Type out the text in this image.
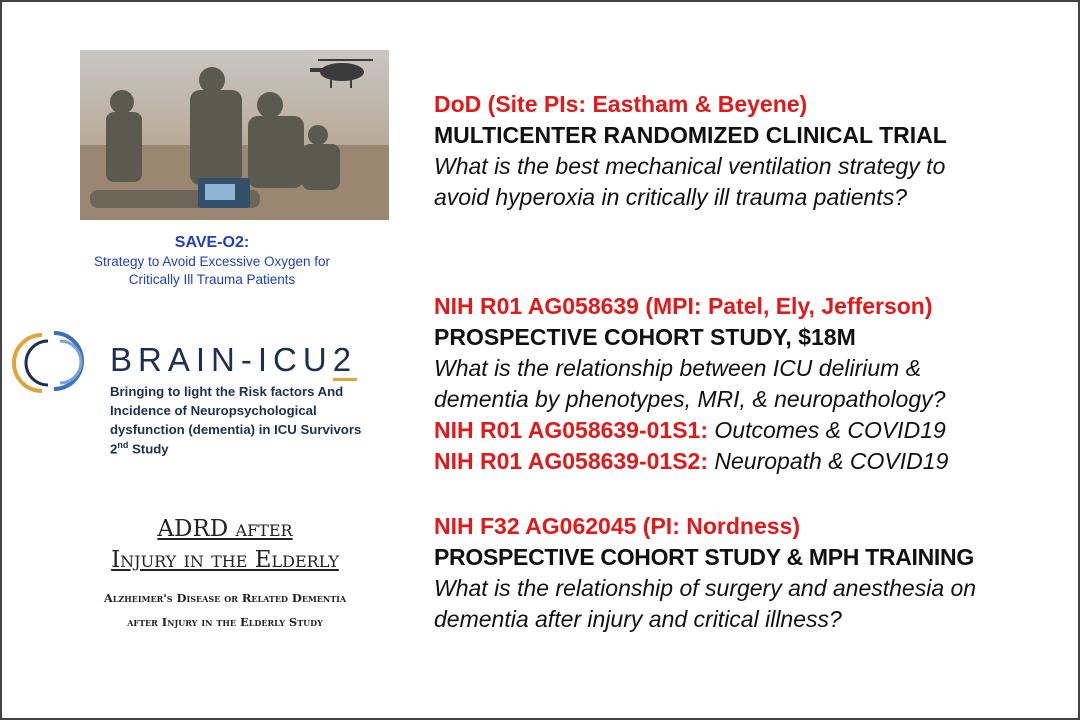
SAVE-O2:
Strategy to Avoid Excessive Oxygen for
Critically Ill Trauma Patients
BRAIN-ICU2
Bringing to light the Risk factors And
Incidence of Neuropsychological
dysfunction (dementia) in ICU Survivors
2nd Study
ADRD after
Injury in the Elderly
Alzheimer's Disease or Related Dementia
after Injury in the Elderly Study
DoD (Site PIs: Eastham & Beyene)
MULTICENTER RANDOMIZED CLINICAL TRIAL
What is the best mechanical ventilation strategy to
avoid hyperoxia in critically ill trauma patients?
NIH R01 AG058639 (MPI: Patel, Ely, Jefferson)
PROSPECTIVE COHORT STUDY, $18M
What is the relationship between ICU delirium &
dementia by phenotypes, MRI, & neuropathology?
NIH R01 AG058639-01S1: Outcomes & COVID19
NIH R01 AG058639-01S2: Neuropath & COVID19
NIH F32 AG062045 (PI: Nordness)
PROSPECTIVE COHORT STUDY & MPH TRAINING
What is the relationship of surgery and anesthesia on
dementia after injury and critical illness?
